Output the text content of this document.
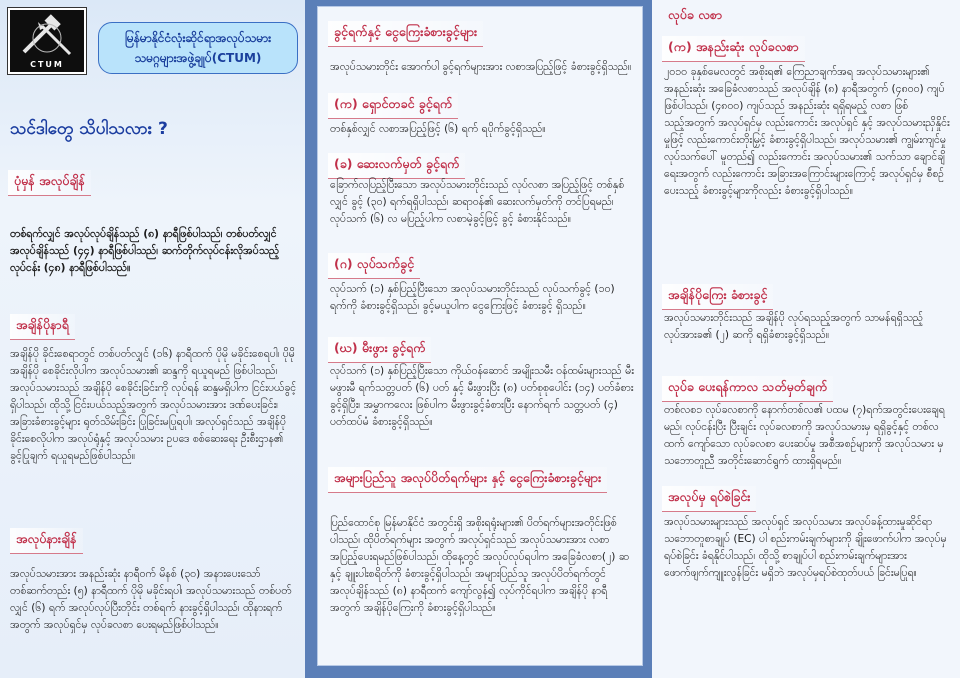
CTUM
မြန်မာနိုင်ငံလုံးဆိုင်ရာအလုပ်သမား
သမဂ္ဂများအဖွဲ့ချုပ်(CTUM)
သင်ဒါတွေ သိပါသလား ?
ပုံမှန် အလုပ်ချိန်
တစ်ရက်လျှင် အလုပ်လုပ်ချိန်သည် (၈) နာရီဖြစ်ပါသည်၊ တစ်ပတ်လျှင် အလုပ်ချိန်သည် (၄၄) နာရီဖြစ်ပါသည်၊ ဆက်တိုက်လုပ်ငန်းလိုအပ်သည့် လုပ်ငန်း (၄၈) နာရီဖြစ်ပါသည်။
အချိန်ပိုနာရီ
အချိန်ပို ခိုင်းစေရာတွင် တစ်ပတ်လျှင် (၁၆) နာရီထက် ပိုမို မခိုင်းစေရပါ၊ ပိုမို အချိန်ပို စေခိုင်းလိုပါက အလုပ်သမား၏ ဆန္ဒကို ရယူရမည် ဖြစ်ပါသည်၊ အလုပ်သမားသည် အချိန်ပို စေခိုင်းခြင်းကို လုပ်ရန် ဆန္ဒမရှိပါက ငြင်းပယ်ခွင့်ရှိပါသည်၊ ထိုသို့ ငြင်းပယ်သည့်အတွက် အလုပ်သမားအား ဒဏ်ပေးခြင်း၊ အခြားခံစားခွင့်များ ရုတ်သိမ်းခြင်း ပြုခြင်းမပြုရပါ၊ အလုပ်ရှင်သည် အချိန်ပို ခိုင်းစေလိုပါက အလုပ်ရုံနှင့် အလုပ်သမား ဥပဒေ စစ်ဆေးရေး ဦးစီးဌာန၏ ခွင့်ပြုချက် ရယူရမည်ဖြစ်ပါသည်။
အလုပ်နားချိန်
အလုပ်သမားအား အနည်းဆုံး နာရီဝက် မိနစ် (၃၀) အနားပေးသော် တစ်ဆက်တည်း (၅) နာရီထက် ပိုမို မခိုင်းရပါ၊ အလုပ်သမားသည် တစ်ပတ်လျှင် (၆) ရက် အလုပ်လုပ်ပြီးတိုင်း တစ်ရက် နားခွင့်ရှိပါသည်၊ ထိုနားရက်အတွက် အလုပ်ရှင်မှ လုပ်ခလစာ ပေးရမည်ဖြစ်ပါသည်။
ခွင့်ရက်နှင့် ငွေကြေးခံစားခွင့်များ
အလုပ်သမားတိုင်း အောက်ပါ ခွင့်ရက်များအား လစာအပြည့်ဖြင့် ခံစားခွင့်ရှိသည်။
(က) ရှောင်တခင် ခွင့်ရက်
တစ်နှစ်လျှင် လစာအပြည့်ဖြင့် (၆) ရက် ရပိုက်ခွင့်ရှိသည်။
(ခ) ဆေးလက်မှတ် ခွင့်ရက်
ခြောက်လပြည့်ပြီးသော အလုပ်သမားတိုင်းသည် လုပ်လစာ အပြည့်ဖြင့် တစ်နှစ်လျှင် ခွင့် (၃၀) ရက်ရရှိပါသည်၊ ဆရာဝန်၏ ဆေးလက်မှတ်ကို တင်ပြရမည်၊ လုပ်သက် (၆) လ မပြည့်ပါက လစာမဲ့ခွင့်ဖြင့် ခွင့် ခံစားနိုင်သည်။
(ဂ) လုပ်သက်ခွင့်
လုပ်သက် (၁) နှစ်ပြည့်ပြီးသော အလုပ်သမားတိုင်းသည် လုပ်သက်ခွင့် (၁၀) ရက်ကို ခံစားခွင့်ရှိသည်၊ ခွင့်မယူပါက ငွေကြေးဖြင့် ခံစားခွင့် ရှိသည်။
(ဃ) မီးဖွား ခွင့်ရက်
လုပ်သက် (၁) နှစ်ပြည့်ပြီးသော ကိုယ်ဝန်ဆောင် အမျိုးသမီး ဝန်ထမ်းများသည် မီးမဖွားမီ ရက်သတ္တပတ် (၆) ပတ် နှင့် မီးဖွားပြီး (၈) ပတ်စုစုပေါင်း (၁၄) ပတ်ခံစားခွင့်ရှိပြီး၊ အမွှာကလေး ဖြစ်ပါက မီးဖွားခွင့်ခံစားပြီး နောက်ရက် သတ္တပတ် (၄) ပတ်ထပ်မံ ခံစားခွင့်ရှိသည်။
အများပြည်သူ အလုပ်ပိတ်ရက်များ နှင့် ငွေကြေးခံစားခွင့်များ
ပြည်ထောင်စု မြန်မာနိုင်ငံ အတွင်းရှိ အစိုးရရုံးများ၏ ပိတ်ရက်များအတိုင်းဖြစ်ပါသည်၊ ထိုပိတ်ရက်များ အတွက် အလုပ်ရှင်သည် အလုပ်သမားအား လစာအပြည့်ပေးရမည်ဖြစ်ပါသည်၊ ထိုနေ့တွင် အလုပ်လုပ်ရပါက အခြေခံလစာ(၂) ဆနှင့် ချူးပါးစရိတ်ကို ခံစားခွင့်ရှိပါသည်၊ အများပြည်သူ အလုပ်ပိတ်ရက်တွင် အလုပ်ချိန်သည် (၈) နာရီထက် ကျော်လွန်၍ လုပ်ကိုင်ရပါက အချိန်ပို နာရီအတွက် အချိန်ပိုကြေးကို ခံစားခွင့်ရှိပါသည်။
လုပ်ခ လစာ
(က) အနည်းဆုံး လုပ်ခလစာ
၂၀၁၀ ခုနှစ်မေလတွင် အစိုးရ၏ ကြေညာချက်အရ အလုပ်သမားများ၏ အနည်းဆုံး အခြေခံလစာသည် အလုပ်ချိန် (၈) နာရီအတွက် (၄၈၀၀) ကျပ်ဖြစ်ပါသည်၊ (၄၈၀၀) ကျပ်သည် အနည်းဆုံး ရရှိရမည့် လစာ ဖြစ်သည့်အတွက် အလုပ်ရှင်မှ လည်းကောင်း အလုပ်ရှင် နှင့် အလုပ်သမားညှိနှိုင်းမှုဖြင့် လည်းကောင်းတိုးမြှင့် ခံစားခွင့်ရှိပါသည်၊ အလုပ်သမား၏ ကျွမ်းကျင်မှု လုပ်သက်ပေါ် မူတည်၍ လည်းကောင်း အလုပ်သမား၏ သက်သာ ချောင်ချိရေးအတွက် လည်းကောင်း အခြားအကြောင်းများကြောင့် အလုပ်ရှင်မှ စီစဉ်ပေးသည့် ခံစားခွင့်များကိုလည်း ခံစားခွင့်ရှိပါသည်။
အချိန်ပိုကြေး ခံစားခွင့်
အလုပ်သမားတိုင်းသည် အချိန်ပို လုပ်ရသည့်အတွက် သာမန်ရရှိသည့် လုပ်အားခ၏ (၂) ဆကို ရရှိခံစားခွင့်ရှိသည်။
လုပ်ခ ပေးရန်ကာလ သတ်မှတ်ချက်
တစ်လစၥ လုပ်ခလစာကို နောက်တစ်လ၏ ပထမ (၇)ရက်အတွင်းပေးချေရမည်၊ လုပ်ငန်းပြီး ပြီးချင်း လုပ်ခလစာကို အလုပ်သမားမှ ရရှိခွင့်နှင့် တစ်လထက် ကျော်သော လုပ်ခလစာ ပေးဆပ်မှု အစီအစဉ်များကို အလုပ်သမား မှ သဘောတူညီ အတိုင်းဆောင်ရွက် ထားရှိရမည်။
အလုပ်မှ ရပ်စဲခြင်း
အလုပ်သမားများသည် အလုပ်ရှင် အလုပ်သမား အလုပ်ခန့်ထားမှုဆိုင်ရာ သဘောတူစာချုပ် (EC) ပါ စည်းကမ်းချက်များကို ချိုးဖောက်ပါက အလုပ်မှ ရပ်စဲခြင်း ခံရနိုင်ပါသည်၊ ထိုသို့ စာချုပ်ပါ စည်းကမ်းချက်များအား ဖောက်ဖျက်ကျူးလွန်ခြင်း မရှိဘဲ အလုပ်မှရပ်စဲထုတ်ပယ် ခြင်းမပြုရ။
